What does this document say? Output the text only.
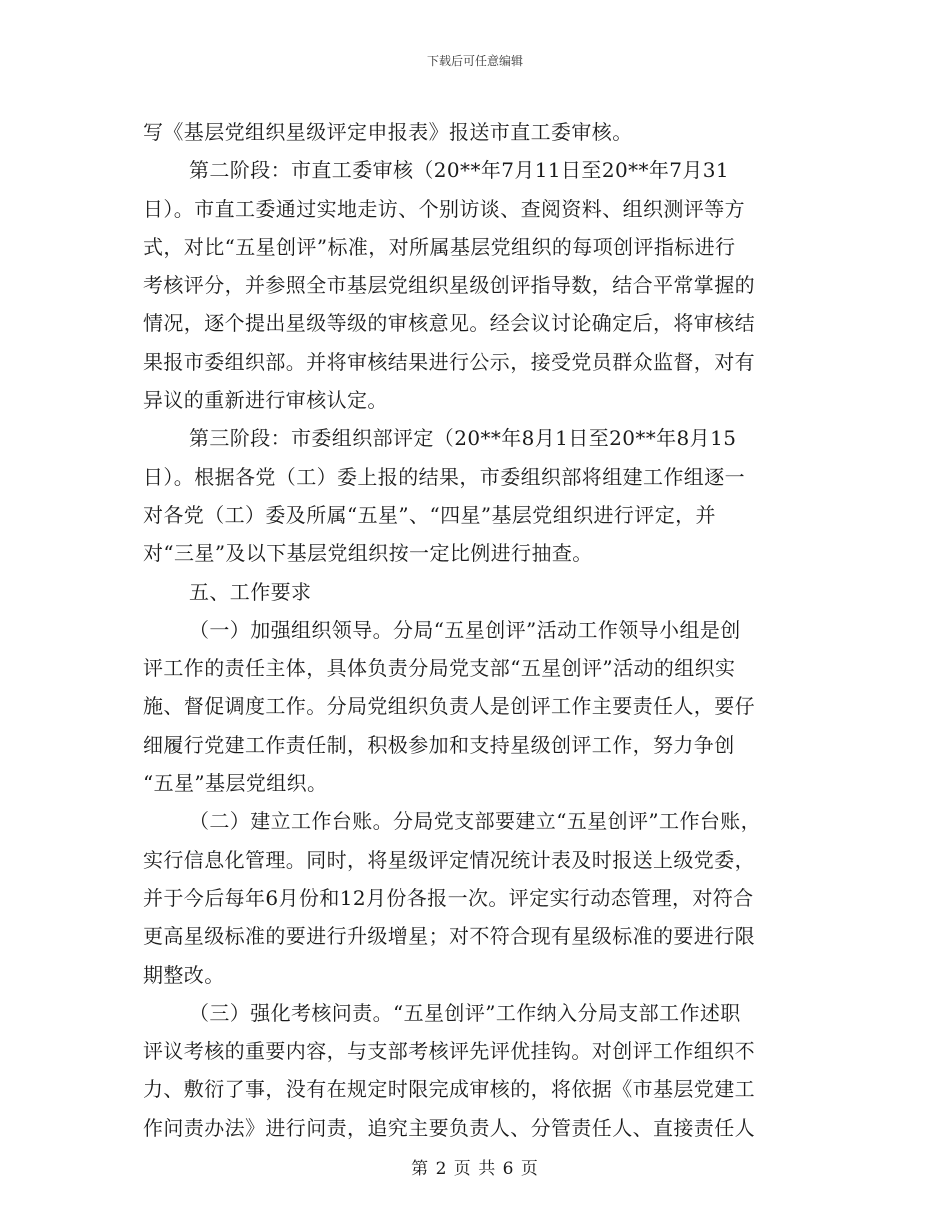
下载后可任意编辑
写《基层党组织星级评定申报表》报送市直工委审核。
第二阶段：市直工委审核（20**年7月11日至20**年7月31
日）。市直工委通过实地走访、个别访谈、查阅资料、组织测评等方
式，对比“五星创评”标准，对所属基层党组织的每项创评指标进行
考核评分，并参照全市基层党组织星级创评指导数，结合平常掌握的
情况，逐个提出星级等级的审核意见。经会议讨论确定后，将审核结
果报市委组织部。并将审核结果进行公示，接受党员群众监督，对有
异议的重新进行审核认定。
第三阶段：市委组织部评定（20**年8月1日至20**年8月15
日）。根据各党（工）委上报的结果，市委组织部将组建工作组逐一
对各党（工）委及所属“五星”、“四星”基层党组织进行评定，并
对“三星”及以下基层党组织按一定比例进行抽查。
五、工作要求
（一）加强组织领导。分局“五星创评”活动工作领导小组是创
评工作的责任主体，具体负责分局党支部“五星创评”活动的组织实
施、督促调度工作。分局党组织负责人是创评工作主要责任人，要仔
细履行党建工作责任制，积极参加和支持星级创评工作，努力争创
“五星”基层党组织。
（二）建立工作台账。分局党支部要建立“五星创评”工作台账，
实行信息化管理。同时，将星级评定情况统计表及时报送上级党委，
并于今后每年6月份和12月份各报一次。评定实行动态管理，对符合
更高星级标准的要进行升级增星；对不符合现有星级标准的要进行限
期整改。
（三）强化考核问责。“五星创评”工作纳入分局支部工作述职
评议考核的重要内容，与支部考核评先评优挂钩。对创评工作组织不
力、敷衍了事，没有在规定时限完成审核的，将依据《市基层党建工
作问责办法》进行问责，追究主要负责人、分管责任人、直接责任人
第 2 页 共 6 页
